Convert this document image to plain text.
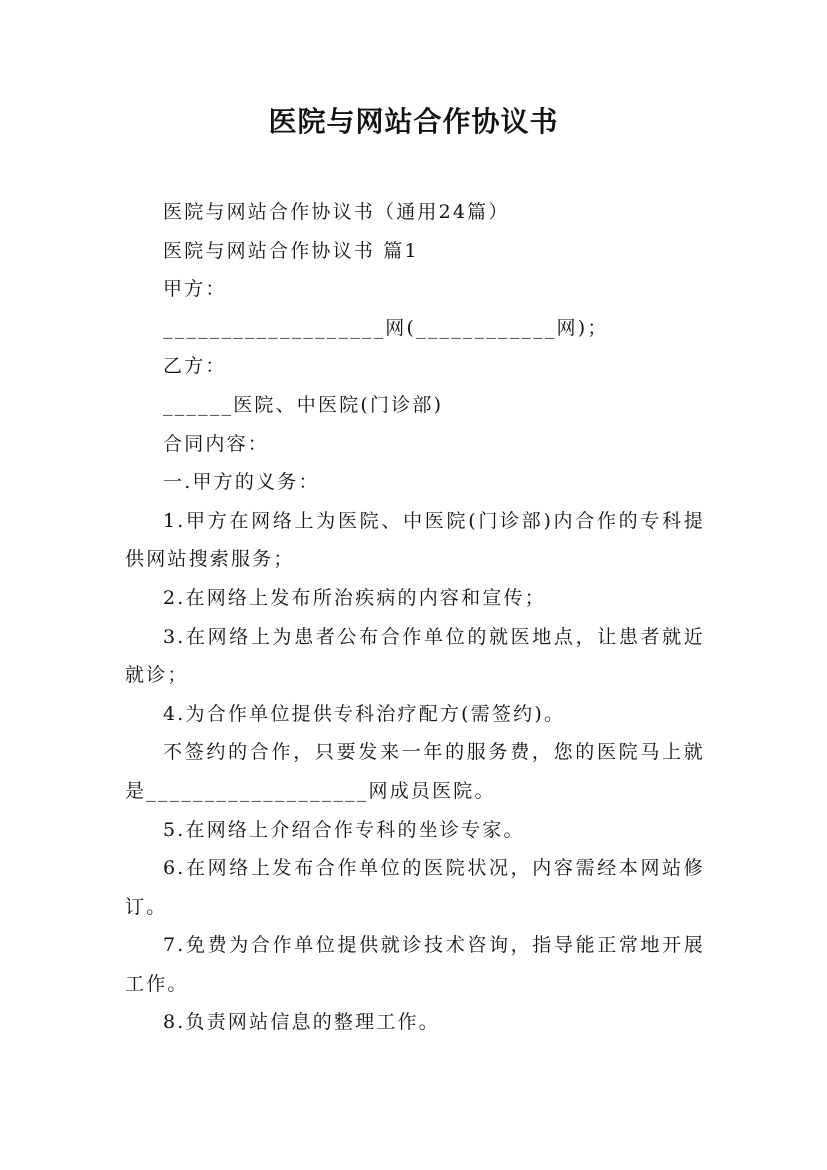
医院与网站合作协议书

医院与网站合作协议书（通用24篇）

医院与网站合作协议书 篇1

甲方：

___________________网(____________网)；

乙方：

______医院、中医院(门诊部)

合同内容：

一.甲方的义务：

1.甲方在网络上为医院、中医院(门诊部)内合作的专科提供网站搜索服务；

2.在网络上发布所治疾病的内容和宣传；

3.在网络上为患者公布合作单位的就医地点，让患者就近就诊；

4.为合作单位提供专科治疗配方(需签约)。

不签约的合作，只要发来一年的服务费，您的医院马上就是___________________网成员医院。

5.在网络上介绍合作专科的坐诊专家。

6.在网络上发布合作单位的医院状况，内容需经本网站修订。

7.免费为合作单位提供就诊技术咨询，指导能正常地开展工作。

8.负责网站信息的整理工作。
